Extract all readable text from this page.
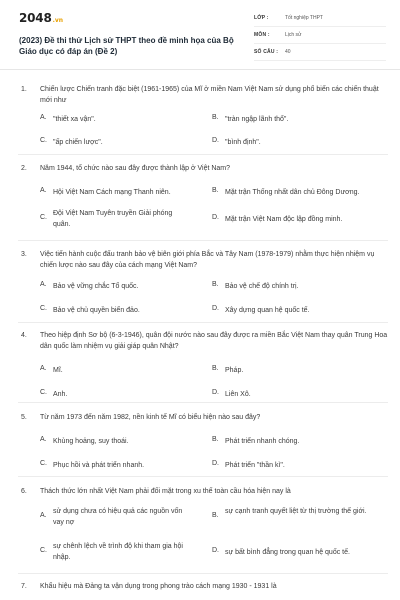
2048.vn
(2023) Đề thi thử Lịch sử THPT theo đề minh họa của Bộ Giáo dục có đáp án (Đề 2)
LỚP :	Tốt nghiệp THPT
MÔN :	Lịch sử
SỐ CÂU : 40
1. Chiến lược Chiến tranh đặc biệt (1961-1965) của Mĩ ở miền Nam Việt Nam sử dụng phổ biến các chiến thuật mới như
A. "thiết xa vận".	B. "tràn ngập lãnh thổ".
C. "ấp chiến lược".	D. "bình định".
2. Năm 1944, tổ chức nào sau đây được thành lập ở Việt Nam?
A. Hội Việt Nam Cách mạng Thanh niên.	B. Mặt trận Thống nhất dân chủ Đông Dương.
C.
Đội Việt Nam Tuyên truyền Giải phóng quân.
D. Mặt trận Việt Nam độc lập đồng minh.
3. Việc tiến hành cuộc đấu tranh bảo vệ biên giới phía Bắc và Tây Nam (1978-1979) nhằm thực hiện nhiệm vụ chiến lược nào sau đây của cách mạng Việt Nam?
A. Bảo vệ vững chắc Tổ quốc.	B. Bảo vệ chế độ chính trị.
C. Bảo vệ chủ quyền biển đảo.	D. Xây dựng quan hệ quốc tế.
4. Theo hiệp định Sơ bộ (6-3-1946), quân đội nước nào sau đây được ra miền Bắc Việt Nam thay quân Trung Hoa dân quốc làm nhiệm vụ giải giáp quân Nhật?
A. Mĩ.	B. Pháp.
C. Anh.	D. Liên Xô.
5. Từ năm 1973 đến năm 1982, nền kinh tế Mĩ có biểu hiện nào sau đây?
A. Khủng hoảng, suy thoái.	B. Phát triển nhanh chóng.
C. Phục hồi và phát triển nhanh.	D. Phát triển "thần kì".
6. Thách thức lớn nhất Việt Nam phải đối mặt trong xu thế toàn cầu hóa hiện nay là
A.
sử dụng chưa có hiệu quả các nguồn vốn vay nợ
B.
sự cạnh tranh quyết liệt từ thị trường thế giới.
C.
sự chênh lệch về trình độ khi tham gia hội nhập.
D. sự bất bình đẳng trong quan hệ quốc tế.
7. Khẩu hiệu mà Đảng ta vận dụng trong phong trào cách mạng 1930 - 1931 là
